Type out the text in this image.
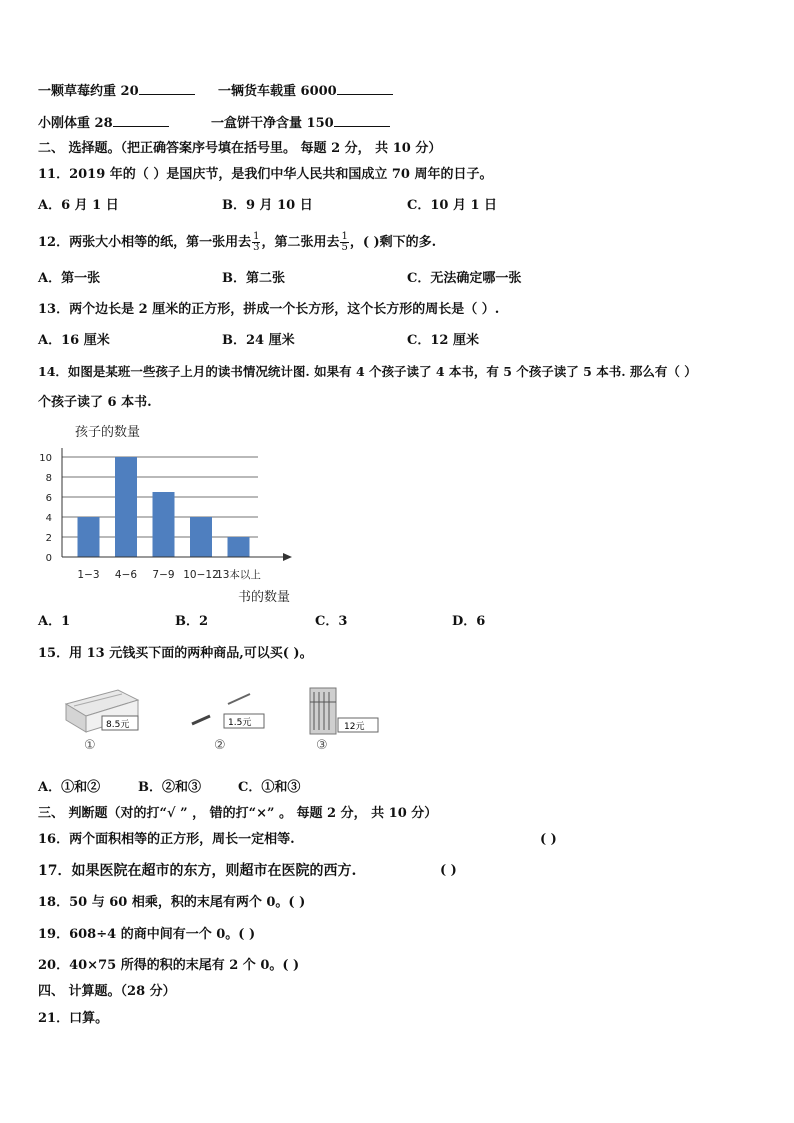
一颗草莓约重 20	一辆货车载重 6000
小刚体重 28	一盒饼干净含量 150
二、 选择题。（把正确答案序号填在括号里。 每题 2 分， 共 10 分）
11．2019 年的（ ）是国庆节，是我们中华人民共和国成立 70 周年的日子。
A．6 月 1 日	B．9 月 10 日	C．10 月 1 日
12．两张大小相等的纸，第一张用去 $\frac{1}{3}$ ，第二张用去 $\frac{1}{5}$ ，( )剩下的多.
A．第一张	B．第二张	C．无法确定哪一张
13．两个边长是 2 厘米的正方形，拼成一个长方形，这个长方形的周长是（ ）.
A．16 厘米	B．24 厘米	C．12 厘米
14．如图是某班一些孩子上月的读书情况统计图. 如果有 4 个孩子读了 4 本书，有 5 个孩子读了 5 本书. 那么有（ ）
个孩子读了 6 本书.
孩子的数量
0
2
4
6
8
10
1−3 4−6 7−9 10−12
13本以上
书的数量
A．1	B．2	C．3	D．6
15．用 13 元钱买下面的两种商品,可以买( )。
8.5元
①
1.5元
②
12元
③
A．①和②	B．②和③	C．①和③
三、 判断题（对的打“√ ” ， 错的打“×” 。 每题 2 分， 共 10 分）
16．两个面积相等的正方形，周长一定相等.	( )
17．如果医院在超市的东方，则超市在医院的西方.	( )
18．50 与 60 相乘，积的末尾有两个 0。( )
19．608÷4 的商中间有一个 0。( )
20．40×75 所得的积的末尾有 2 个 0。( )
四、 计算题。（28 分）
21．口算。
